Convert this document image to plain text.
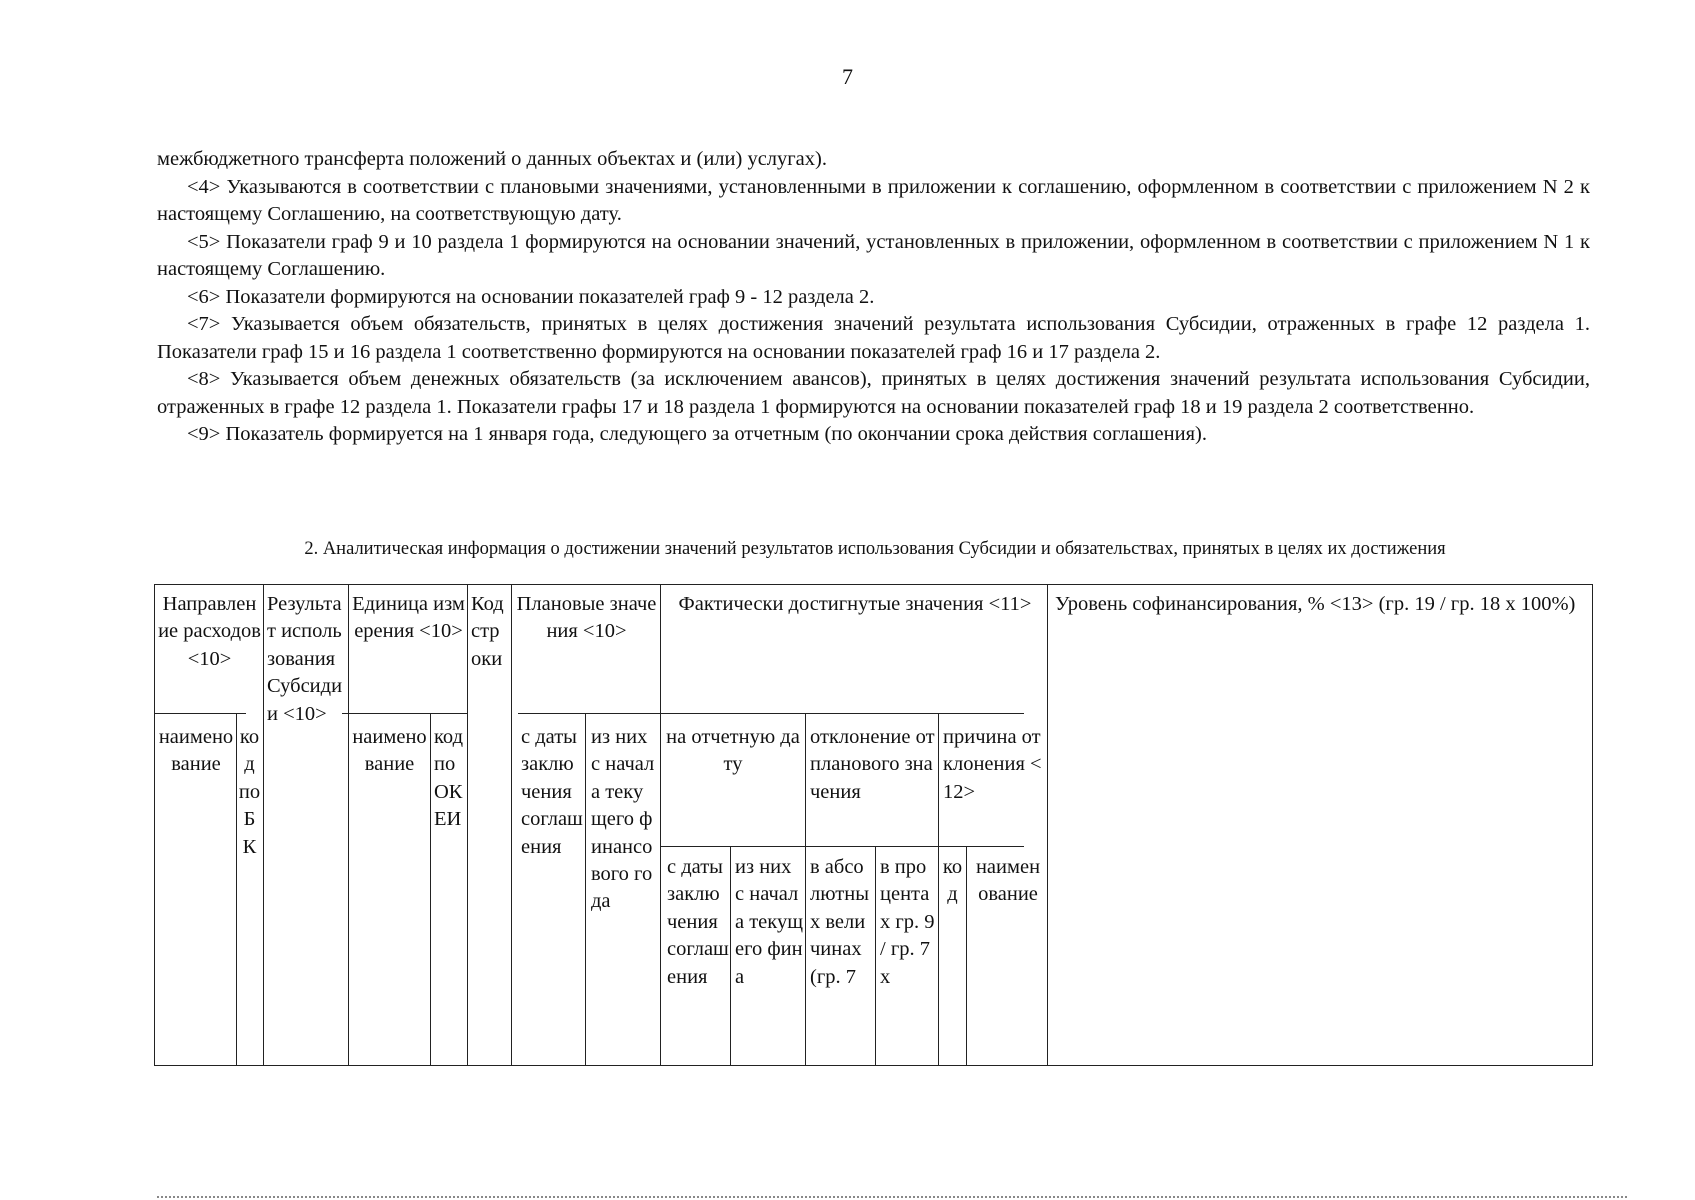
7

межбюджетного трансферта положений о данных объектах и (или) услугах).

<4> Указываются в соответствии с плановыми значениями, установленными в приложении к соглашению, оформленном в соответствии с приложением N 2 к настоящему Соглашению, на соответствующую дату.

<5> Показатели граф 9 и 10 раздела 1 формируются на основании значений, установленных в приложении, оформленном в соответствии с приложением N 1 к настоящему Соглашению.

<6> Показатели формируются на основании показателей граф 9 - 12 раздела 2.

<7> Указывается объем обязательств, принятых в целях достижения значений результата использования Субсидии, отраженных в графе 12 раздела 1. Показатели граф 15 и 16 раздела 1 соответственно формируются на основании показателей граф 16 и 17 раздела 2.

<8> Указывается объем денежных обязательств (за исключением авансов), принятых в целях достижения значений результата использования Субсидии, отраженных в графе 12 раздела 1. Показатели графы 17 и 18 раздела 1 формируются на основании показателей граф 18 и 19 раздела 2 соответственно.

<9> Показатель формируется на 1 января года, следующего за отчетным (по окончании срока действия соглашения).

2. Аналитическая информация о достижении значений результатов использования Субсидии и обязательствах, принятых в целях их достижения
Направление расходов <10>
наименование
код по БК
Результат использования Субсидии <10>
Единица измерения <10>
наименование
код по ОКЕИ
Код строки
Плановые значения <10>
с даты заключения соглашения
из них с начала текущего финансового года
Фактически достигнутые значения <11>
на отчетную дату
с даты заключения соглашения
из них с начала текущего фина
отклонение от планового значения
в абсолютных величинах (гр. 7
в процентах гр. 9 / гр. 7 x
причина отклонения <12>
код
наименование
Уровень софинансирования, % <13> (гр. 19 / гр. 18 x 100%)
